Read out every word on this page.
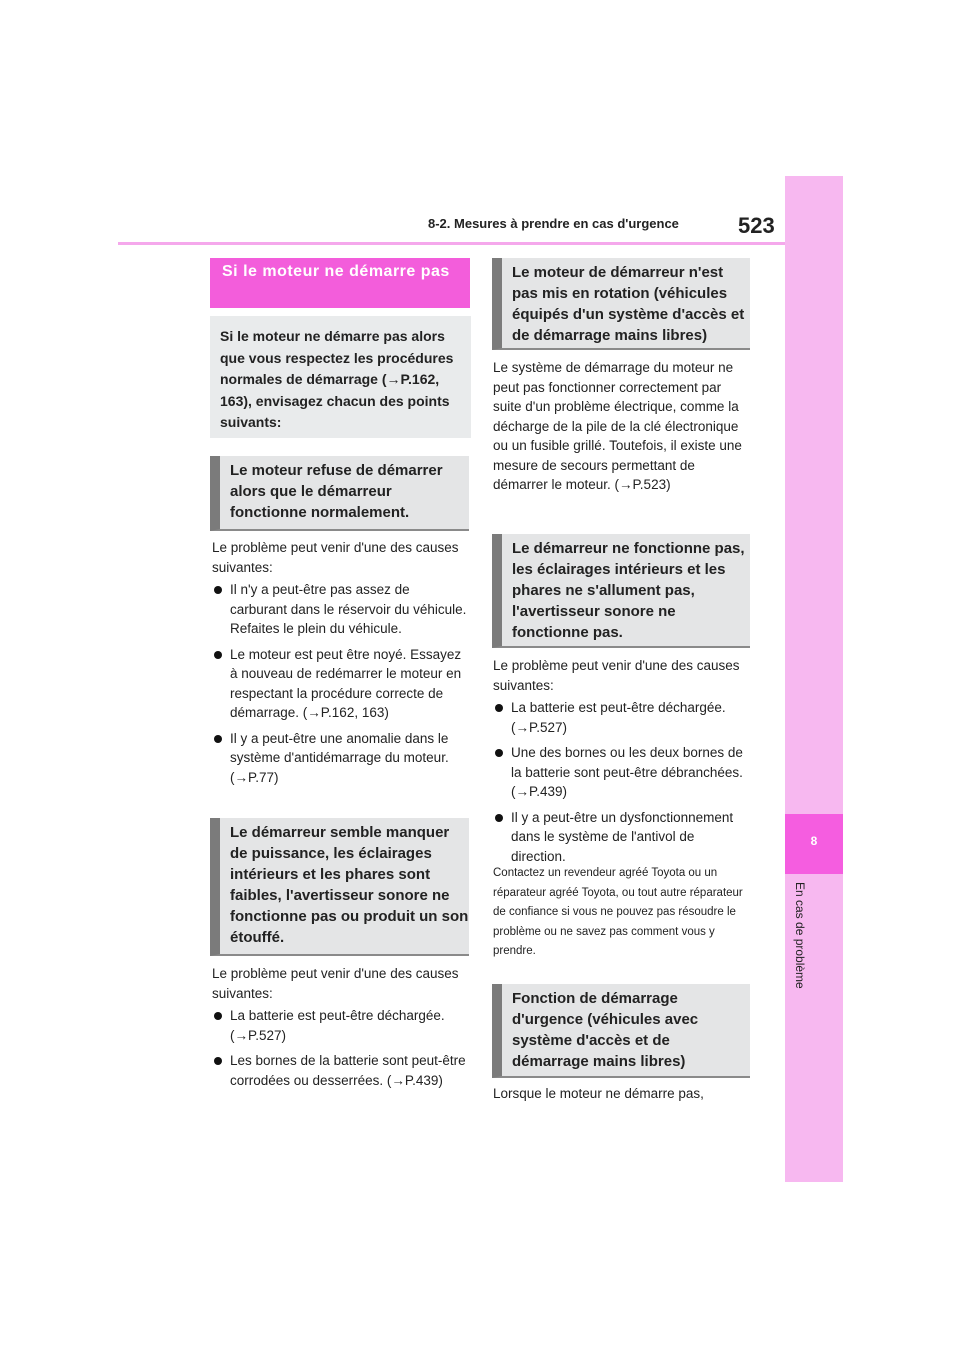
8-2. Mesures à prendre en cas d'urgence	523
8
En cas de problème
Si le moteur ne démarre pas
Si le moteur ne démarre pas alors que vous respectez les procédures normales de démarrage (→P.162, 163), envisagez chacun des points suivants:
Le moteur refuse de démarrer alors que le démarreur fonctionne normalement.

Le problème peut venir d'une des causes suivantes:

Il n'y a peut-être pas assez de carburant dans le réservoir du véhicule. Refaites le plein du véhicule.
Le moteur est peut être noyé. Essayez à nouveau de redémarrer le moteur en respectant la procédure correcte de démarrage. (→P.162, 163)
Il y a peut-être une anomalie dans le système d'antidémarrage du moteur. (→P.77)
Le démarreur semble manquer de puissance, les éclairages intérieurs et les phares sont faibles, l'avertisseur sonore ne fonctionne pas ou produit un son étouffé.

Le problème peut venir d'une des causes suivantes:

La batterie est peut-être déchargée. (→P.527)
Les bornes de la batterie sont peut-être corrodées ou desserrées. (→P.439)
Le moteur de démarreur n'est pas mis en rotation (véhicules équipés d'un système d'accès et de démarrage mains libres)

Le système de démarrage du moteur ne peut pas fonctionner correctement par suite d'un problème électrique, comme la décharge de la pile de la clé électronique ou un fusible grillé. Toutefois, il existe une mesure de secours permettant de démarrer le moteur. (→P.523)

Le démarreur ne fonctionne pas, les éclairages intérieurs et les phares ne s'allument pas, l'avertisseur sonore ne fonctionne pas.

Le problème peut venir d'une des causes suivantes:

La batterie est peut-être déchargée. (→P.527)
Une des bornes ou les deux bornes de la batterie sont peut-être débranchées. (→P.439)
Il y a peut-être un dysfonctionnement dans le système de l'antivol de direction.

Contactez un revendeur agréé Toyota ou un réparateur agréé Toyota, ou tout autre réparateur de confiance si vous ne pouvez pas résoudre le problème ou ne savez pas comment vous y prendre.

Fonction de démarrage d'urgence (véhicules avec système d'accès et de démarrage mains libres)

Lorsque le moteur ne démarre pas,
